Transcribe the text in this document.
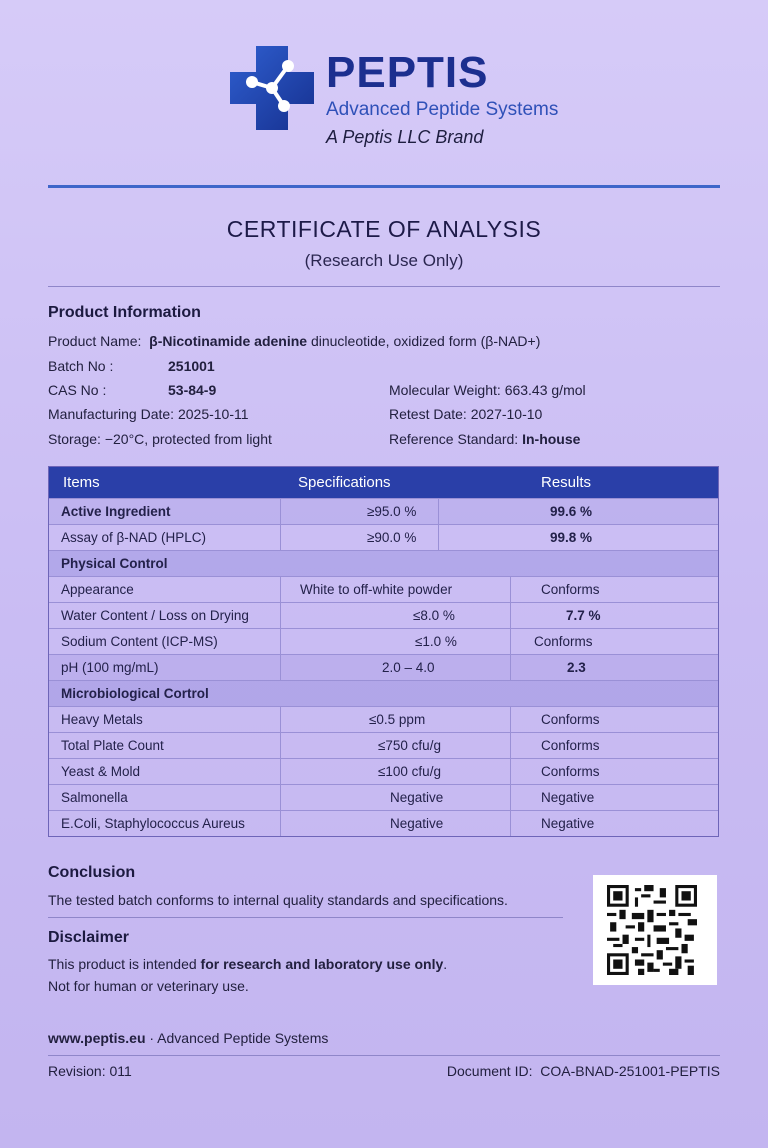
PEPTIS
Advanced Peptide Systems
A Peptis LLC Brand
CERTIFICATE OF ANALYSIS
(Research Use Only)
Product Information
Product Name: β-Nicotinamide adenine dinucleotide, oxidized form (β-NAD+)
Batch No :	251001
CAS No :	53-84-9	Molecular Weight: 663.43 g/mol
Manufacturing Date: 2025-10-11	Retest Date: 2027-10-10
Storage: −20°C, protected from light	Reference Standard: In-house
Items	Specifications	Results
Active Ingredient	≥95.0 %	99.6 %
Assay of β-NAD (HPLC)	≥90.0 %	99.8 %
Physical Control
Appearance	White to off-white powder	Conforms
Water Content / Loss on Drying	≤8.0 %	7.7 %
Sodium Content (ICP-MS)	≤1.0 %	Conforms
pH (100 mg/mL)	2.0 – 4.0	2.3
Microbiological Cortrol
Heavy Metals	≤0.5 ppm	Conforms
Total Plate Count	≤750 cfu/g	Conforms
Yeast & Mold	≤100 cfu/g	Conforms
Salmonella	Negative	Negative
E.Coli, Staphylococcus Aureus	Negative	Negative
Conclusion
The tested batch conforms to internal quality standards and specifications.
Disclaimer
This product is intended for research and laboratory use only.
Not for human or veterinary use.
www.peptis.eu · Advanced Peptide Systems
Revision: 011	Document ID: COA-BNAD-251001-PEPTIS
